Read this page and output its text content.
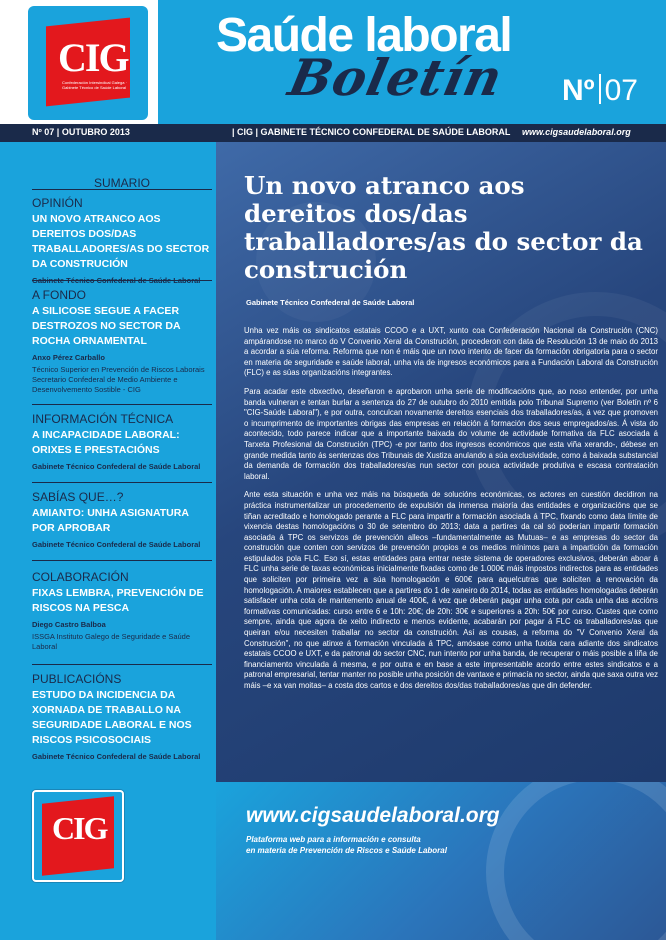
CIG
Confederación Intersindical Galega · Gabinete Técnico de Saúde Laboral
Saúde laboral
Boletín Nº 07
Nº 07 | OUTUBRO 2013	| CIG | GABINETE TÉCNICO CONFEDERAL DE SAÚDE LABORAL www.cigsaudelaboral.org
SUMARIO
OPINIÓN
UN NOVO ATRANCO AOS DEREITOS DOS/DAS TRABALLADORES/AS DO SECTOR DA CONSTRUCIÓN
A FONDO
A SILICOSE SEGUE A FACER DESTROZOS NO SECTOR DA ROCHA ORNAMENTAL
Anxo Pérez Carballo
Técnico Superior en Prevención de Riscos Laborais Secretario Confederal de Medio Ambiente e Desenvolvemento Sostible - CIG
INFORMACIÓN TÉCNICA
A INCAPACIDADE LABORAL: ORIXES E PRESTACIÓNS
Gabinete Técnico Confederal de Saúde Laboral
SABÍAS QUE…?
AMIANTO: UNHA ASIGNATURA POR APROBAR
Gabinete Técnico Confederal de Saúde Laboral
COLABORACIÓN
FIXAS LEMBRA, PREVENCIÓN DE RISCOS NA PESCA
Diego Castro Balboa
ISSGA Instituto Galego de Seguridade e Saúde Laboral
PUBLICACIÓNS
ESTUDO DA INCIDENCIA DA XORNADA DE TRABALLO NA SEGURIDADE LABORAL E NOS RISCOS PSICOSOCIAIS
Gabinete Técnico Confederal de Saúde Laboral
Un novo atranco aos dereitos dos/das traballadores/as do sector da construción
Gabinete Técnico Confederal de Saúde Laboral

Unha vez máis os sindicatos estatais CCOO e a UXT, xunto coa Confederación Nacional da Construción (CNC) ampárandose no marco do V Convenio Xeral da Construción, procederon con data de Resolución 13 de maio do 2013 a acordar a súa reforma. Reforma que non é máis que un novo intento de facer da formación obrigatoria para o sector en materia de seguridade e saúde laboral, unha vía de ingresos económicos para a Fundación Laboral da Construción (FLC) e as súas organizacións integrantes.

Para acadar este obxectivo, deseñaron e aprobaron unha serie de modificacións que, ao noso entender, por unha banda vulneran e tentan burlar a sentenza do 27 de outubro do 2010 emitida polo Tribunal Supremo (ver Boletín nº 6 "CIG-Saúde Laboral"), e por outra, conculcan novamente dereitos esenciais dos traballadores/as, á vez que promoven o incumprimento de importantes obrigas das empresas en relación á formación dos seus empregados/as. Á vista do acontecido, todo parece indicar que a importante baixada do volume de actividade formativa da FLC asociada á Tarxeta Profesional da Construción (TPC) -e por tanto dos ingresos económicos que esta viña xerando-, débese en grande medida tanto ás sentenzas dos Tribunais de Xustiza anulando a súa exclusividade, como á baixada substancial da demanda de formación dos traballadores/as nun sector con pouca actividade produtiva e escasa contratación laboral.

Ante esta situación e unha vez máis na búsqueda de solucións económicas, os actores en cuestión decidiron na práctica instrumentalizar un procedemento de expulsión da inmensa maioría das entidades e organizacións que se tiñan acreditado e homologado perante a FLC para impartir a formación asociada á TPC, fixando como data límite de vixencia destas homologacións o 30 de setembro do 2013; data a partires da cal só poderían impartir formación asociada á TPC os servizos de prevención alleos –fundamentalmente as Mutuas– e as empresas do sector da construción que conten con servizos de prevención propios e os medios mínimos para a impartición da formación estipulados pola FLC. Eso sí, estas entidades para entrar neste sistema de operadores exclusivos, deberán aboar á FLC unha serie de taxas económicas inicialmente fixadas como de 1.000€ máis impostos indirectos para as entidades que soliciten por primeira vez a súa homologación e 600€ para aquelcutras que soliciten a renovación da homologación. A maiores establecen que a partires do 1 de xaneiro do 2014, todas as entidades homologadas deberán satisfacer unha cota de mantemento anual de 400€, á vez que deberán pagar unha cota por cada unha das accións formativas comunicadas: curso entre 6 e 10h: 20€; de 20h: 30€ e superiores a 20h: 50€ por curso. Custes que como sempre, ainda que agora de xeito indirecto e menos evidente, acabarán por pagar á FLC os traballadores/as que queiran e/ou necesiten traballar no sector da construción. Así as cousas, a reforma do "V Convenio Xeral da Construción", no que atinxe á formación vinculada á TPC, amósase como unha fuxida cara adiante dos sindicatos estatais CCOO e UXT, e da patronal do sector CNC, nun intento por unha banda, de recuperar o máis posible a liña de financiamento vinculada á mesma, e por outra e en base a este impresentable acordo entre estes sindicatos e a patronal empresarial, tentar manter no posible unha posición de vantaxe e primacía no sector, ainda que saxa outra vez máis –e xa van moitas– a costa dos cartos e dos dereitos dos/das traballadores/as que din defender.

CIG	www.cigsaudelaboral.org
Plataforma web para a información e consulta
en materia de Prevención de Riscos e Saúde Laboral
